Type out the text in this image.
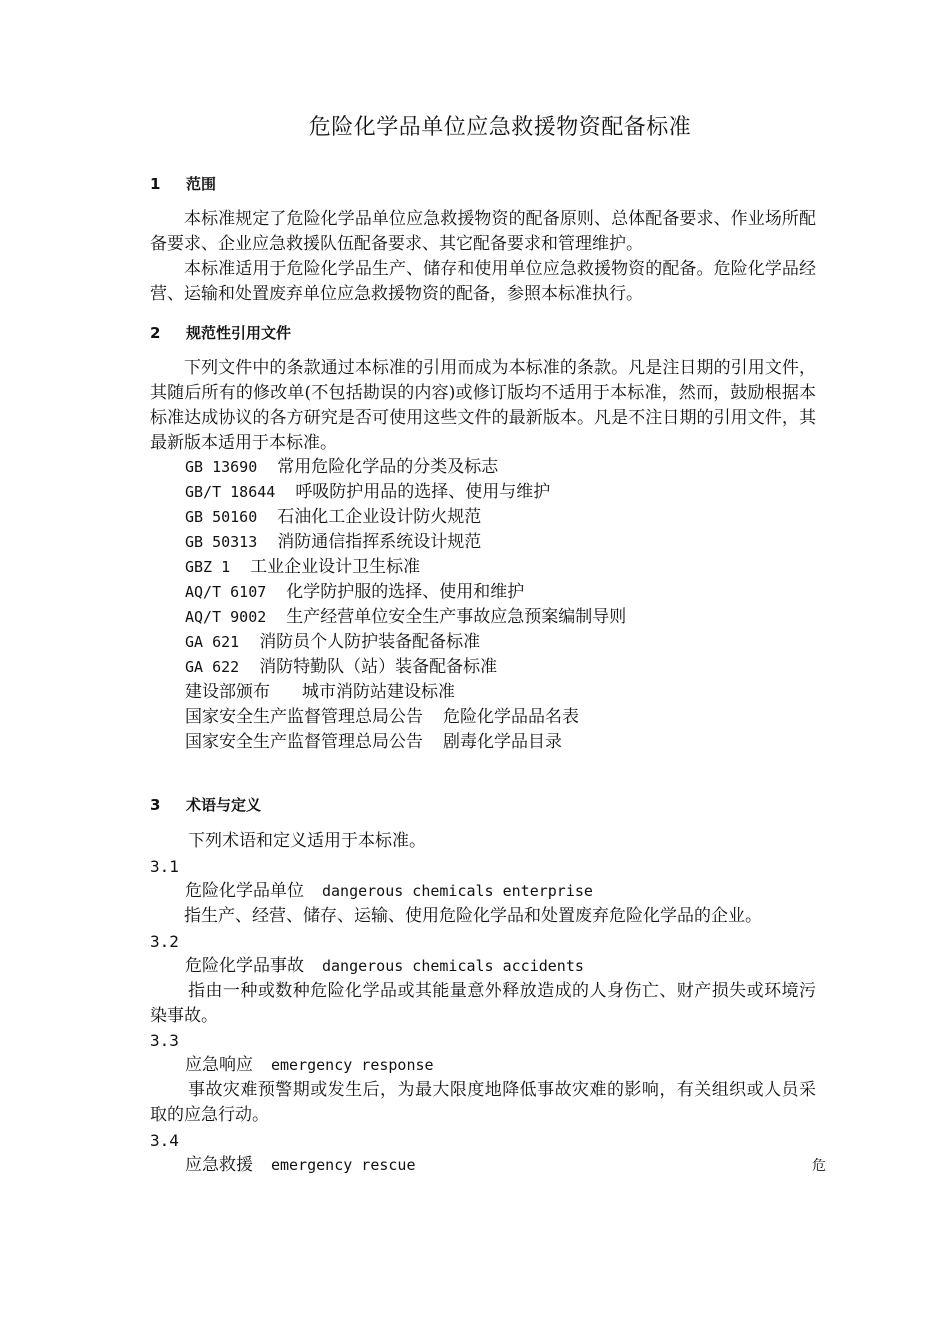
危险化学品单位应急救援物资配备标准
1 范围
本标准规定了危险化学品单位应急救援物资的配备原则、总体配备要求、作业场所配备要求、企业应急救援队伍配备要求、其它配备要求和管理维护。
本标准适用于危险化学品生产、储存和使用单位应急救援物资的配备。危险化学品经营、运输和处置废弃单位应急救援物资的配备，参照本标准执行。
2 规范性引用文件
下列文件中的条款通过本标准的引用而成为本标准的条款。凡是注日期的引用文件，其随后所有的修改单(不包括勘误的内容)或修订版均不适用于本标准，然而，鼓励根据本标准达成协议的各方研究是否可使用这些文件的最新版本。凡是不注日期的引用文件，其最新版本适用于本标准。
GB 13690 常用危险化学品的分类及标志
GB/T 18644 呼吸防护用品的选择、使用与维护
GB 50160 石油化工企业设计防火规范
GB 50313 消防通信指挥系统设计规范
GBZ 1 工业企业设计卫生标准
AQ/T 6107 化学防护服的选择、使用和维护
AQ/T 9002 生产经营单位安全生产事故应急预案编制导则
GA 621 消防员个人防护装备配备标准
GA 622 消防特勤队（站）装备配备标准
建设部颁布 城市消防站建设标准
国家安全生产监督管理总局公告 危险化学品品名表
国家安全生产监督管理总局公告 剧毒化学品目录
3 术语与定义
下列术语和定义适用于本标准。
3.1
危险化学品单位 dangerous chemicals enterprise
指生产、经营、储存、运输、使用危险化学品和处置废弃危险化学品的企业。
3.2
危险化学品事故 dangerous chemicals accidents
指由一种或数种危险化学品或其能量意外释放造成的人身伤亡、财产损失或环境污染事故。
3.3
应急响应 emergency response
事故灾难预警期或发生后，为最大限度地降低事故灾难的影响，有关组织或人员采取的应急行动。
3.4
应急救援 emergency rescue	危
